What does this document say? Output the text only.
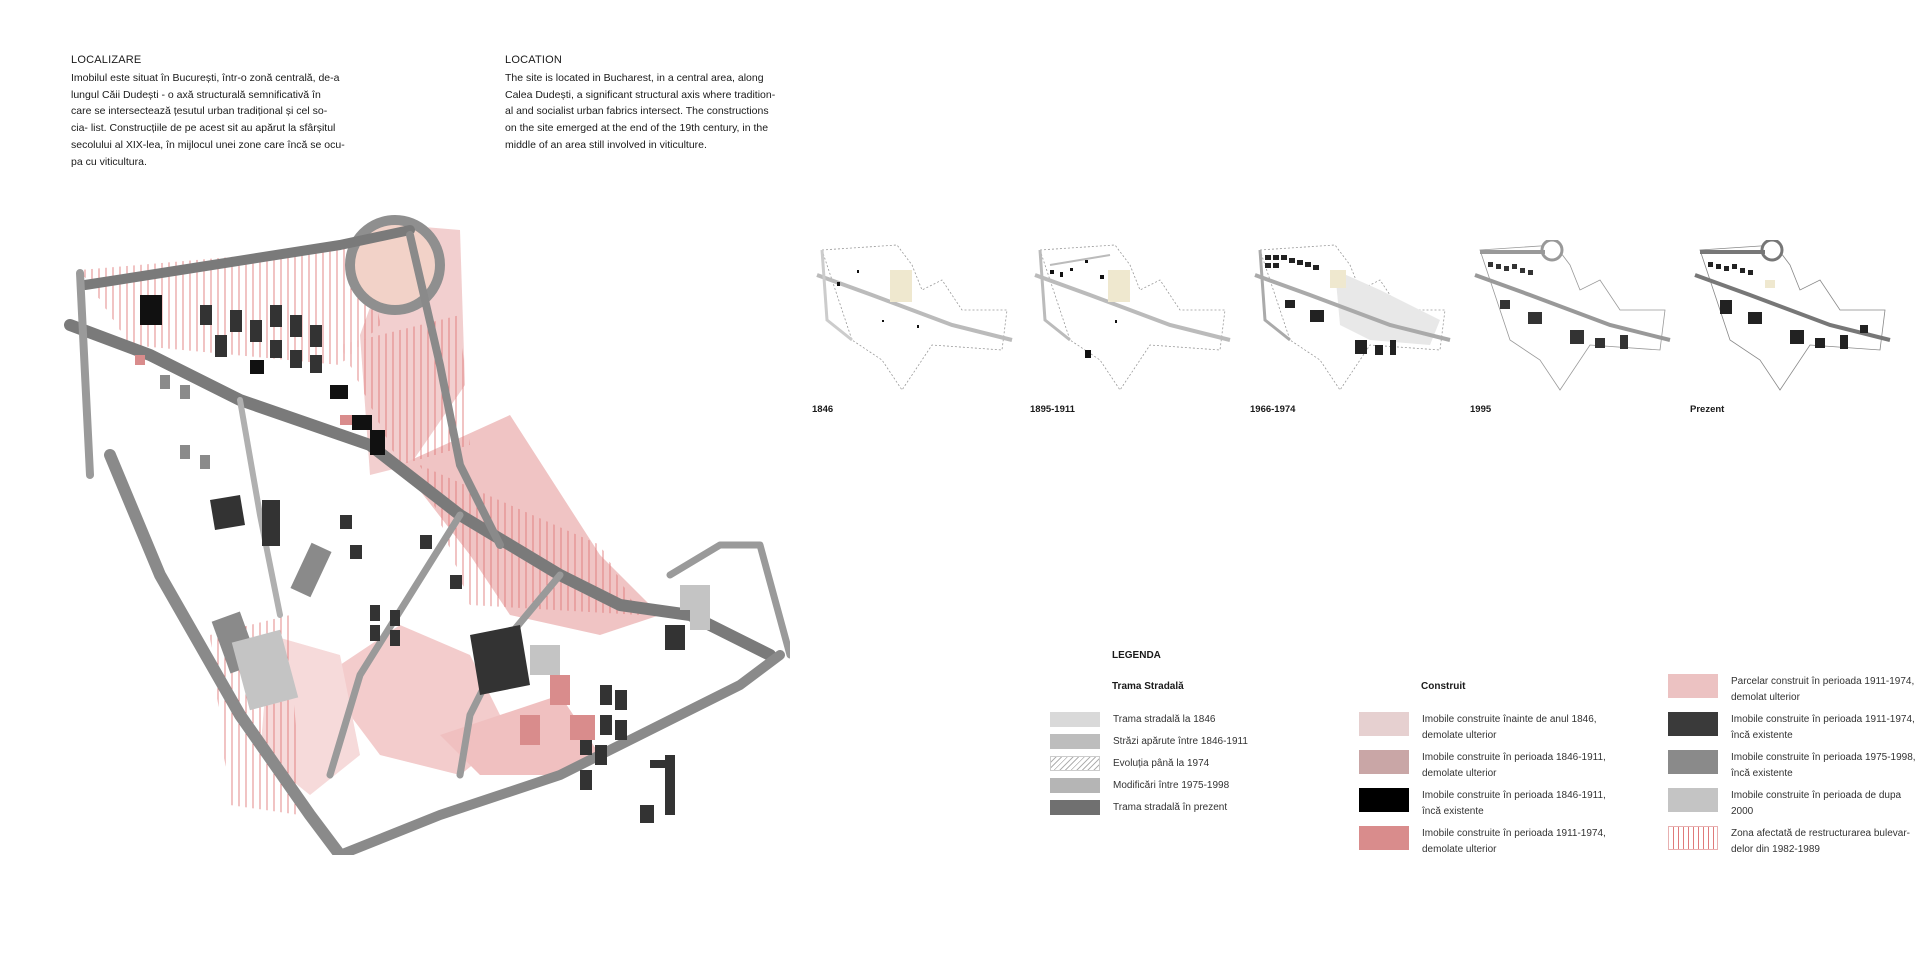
LOCALIZARE
Imobilul este situat în București, într-o zonă centrală, de-a
lungul Căii Dudești - o axă structurală semnificativă în
care se intersectează țesutul urban tradițional și cel so-
cia- list. Construcțiile de pe acest sit au apărut la sfârșitul
secolului al XIX-lea, în mijlocul unei zone care încă se ocu-
pa cu viticultura.
LOCATION
The site is located in Bucharest, in a central area, along
Calea Dudești, a significant structural axis where tradition-
al and socialist urban fabrics intersect. The constructions
on the site emerged at the end of the 19th century, in the
middle of an area still involved in viticulture.
1846	1895-1911	1966-1974	1995	Prezent
LEGENDA
Trama Stradală	Construit
Trama stradală la 1846
Străzi apărute între 1846-1911
Evoluția până la 1974
Modificări între 1975-1998
Trama stradală în prezent
Imobile construite înainte de anul 1846,
demolate ulterior
Imobile construite în perioada 1846-1911,
demolate ulterior
Imobile construite în perioada 1846-1911,
încă existente
Imobile construite în perioada 1911-1974,
demolate ulterior
Parcelar construit în perioada 1911-1974,
demolat ulterior
Imobile construite în perioada 1911-1974,
încă existente
Imobile construite în perioada 1975-1998,
încă existente
Imobile construite în perioada de dupa
2000
Zona afectată de restructurarea bulevar-
delor din 1982-1989
